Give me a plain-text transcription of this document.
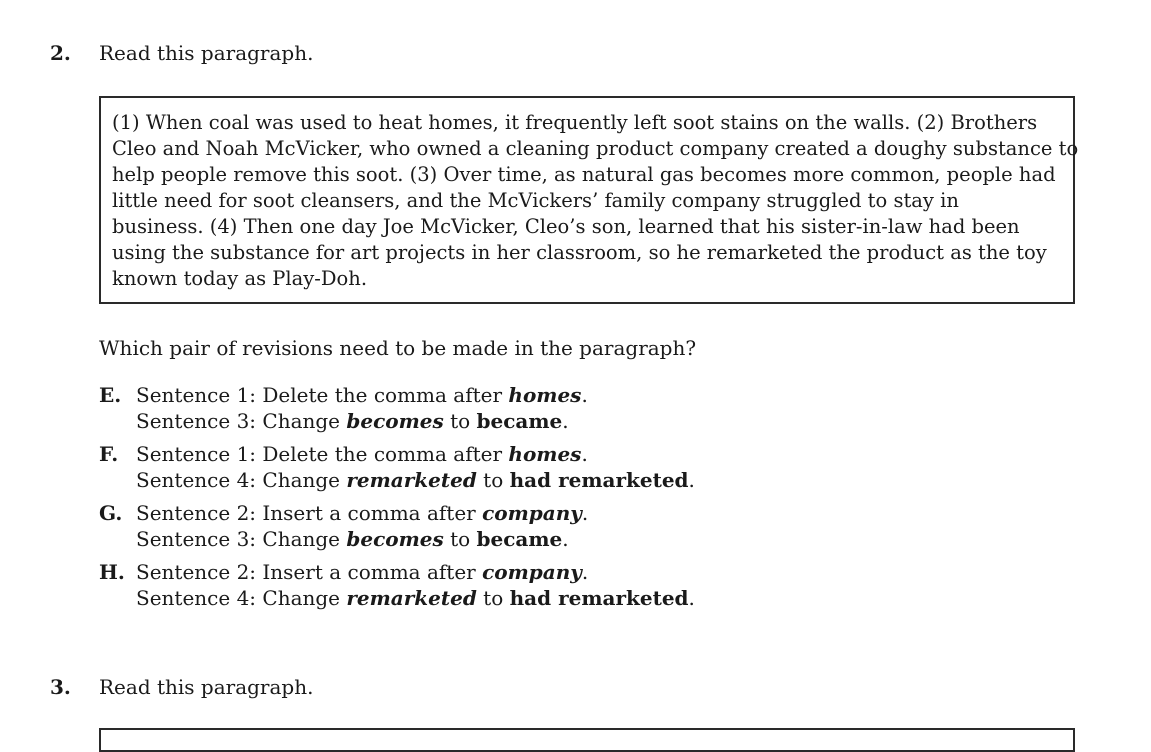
2. Read this paragraph.
(1) When coal was used to heat homes, it frequently left soot stains on the walls. (2) Brothers
Cleo and Noah McVicker, who owned a cleaning product company created a doughy substance to
help people remove this soot. (3) Over time, as natural gas becomes more common, people had
little need for soot cleansers, and the McVickers’ family company struggled to stay in
business. (4) Then one day Joe McVicker, Cleo’s son, learned that his sister-in-law had been
using the substance for art projects in her classroom, so he remarketed the product as the toy
known today as Play-Doh.
Which pair of revisions need to be made in the paragraph?
E. Sentence 1: Delete the comma after homes.
Sentence 3: Change becomes to became.
F. Sentence 1: Delete the comma after homes.
Sentence 4: Change remarketed to had remarketed.
G. Sentence 2: Insert a comma after company.
Sentence 3: Change becomes to became.
H. Sentence 2: Insert a comma after company.
Sentence 4: Change remarketed to had remarketed.
3. Read this paragraph.
